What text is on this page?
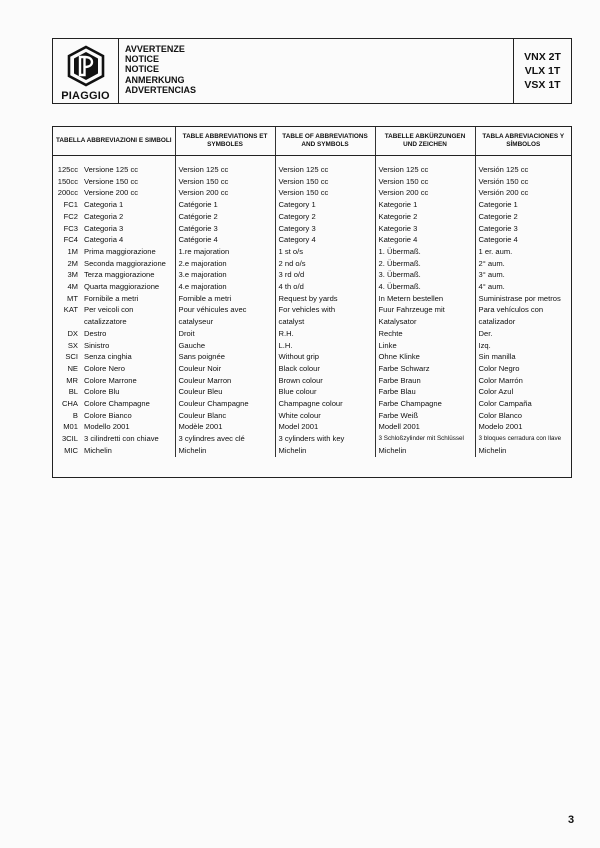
PIAGGIO
AVVERTENZE
NOTICE
NOTICE
ANMERKUNG
ADVERTENCIAS
VNX 2T
VLX 1T
VSX 1T
TABELLA ABBREVIAZIONI E SIMBOLI		TABLE ABBREVIATIONS ET SYMBOLES	TABLE OF ABBREVIATIONS AND SYMBOLS	TABELLE ABKÜRZUNGEN UND ZEICHEN	TABLA ABREVIACIONES Y SÍMBOLOS

125cc	Versione 125 cc	Version 125 cc	Version 125 cc	Version 125 cc	Versión 125 cc
150cc	Versione 150 cc	Version 150 cc	Version 150 cc	Version 150 cc	Versión 150 cc
200cc	Versione 200 cc	Version 200 cc	Version 150 cc	Version 200 cc	Versión 200 cc
FC1	Categoria 1	Catégorie 1	Category 1	Kategorie 1	Categorie 1
FC2	Categoria 2	Catégorie 2	Category 2	Kategorie 2	Categorie 2
FC3	Categoria 3	Catégorie 3	Category 3	Kategorie 3	Categorie 3
FC4	Categoria 4	Catégorie 4	Category 4	Kategorie 4	Categorie 4
1M	Prima maggiorazione	1.re majoration	1 st o/s	1. Übermaß.	1 er. aum.
2M	Seconda maggiorazione	2.e majoration	2 nd o/s	2. Übermaß.	2° aum.
3M	Terza maggiorazione	3.e majoration	3 rd o/d	3. Übermaß.	3° aum.
4M	Quarta maggiorazione	4.e majoration	4 th o/d	4. Übermaß.	4° aum.
MT	Fornibile a metri	Fornible a metri	Request by yards	In Metern bestellen	Suministrase por metros
KAT	Per veicoli con	Pour véhicules avec	For vehicles with	Fuur Fahrzeuge mit	Para vehículos con
	catalizzatore	catalyseur	catalyst	Katalysator	catalizador
DX	Destro	Droit	R.H.	Rechte	Der.
SX	Sinistro	Gauche	L.H.	Linke	Izq.
SCI	Senza cinghia	Sans poignée	Without grip	Ohne Klinke	Sin manilla
NE	Colore Nero	Couleur Noir	Black colour	Farbe Schwarz	Color Negro
MR	Colore Marrone	Couleur Marron	Brown colour	Farbe Braun	Color Marrón
BL	Colore Blu	Couleur Bleu	Blue colour	Farbe Blau	Color Azul
CHA	Colore Champagne	Couleur Champagne	Champagne colour	Farbe Champagne	Color Campaña
B	Colore Bianco	Couleur Blanc	White colour	Farbe Weiß	Color Blanco
M01	Modello 2001	Modèle 2001	Model 2001	Modell 2001	Modelo 2001
3CIL	3 cilindretti con chiave	3 cylindres avec clé	3 cylinders with key	3 Schloßzylinder mit Schlüssel	3 bloques cerradura con llave
MIC	Michelin	Michelin	Michelin	Michelin	Michelin
3
